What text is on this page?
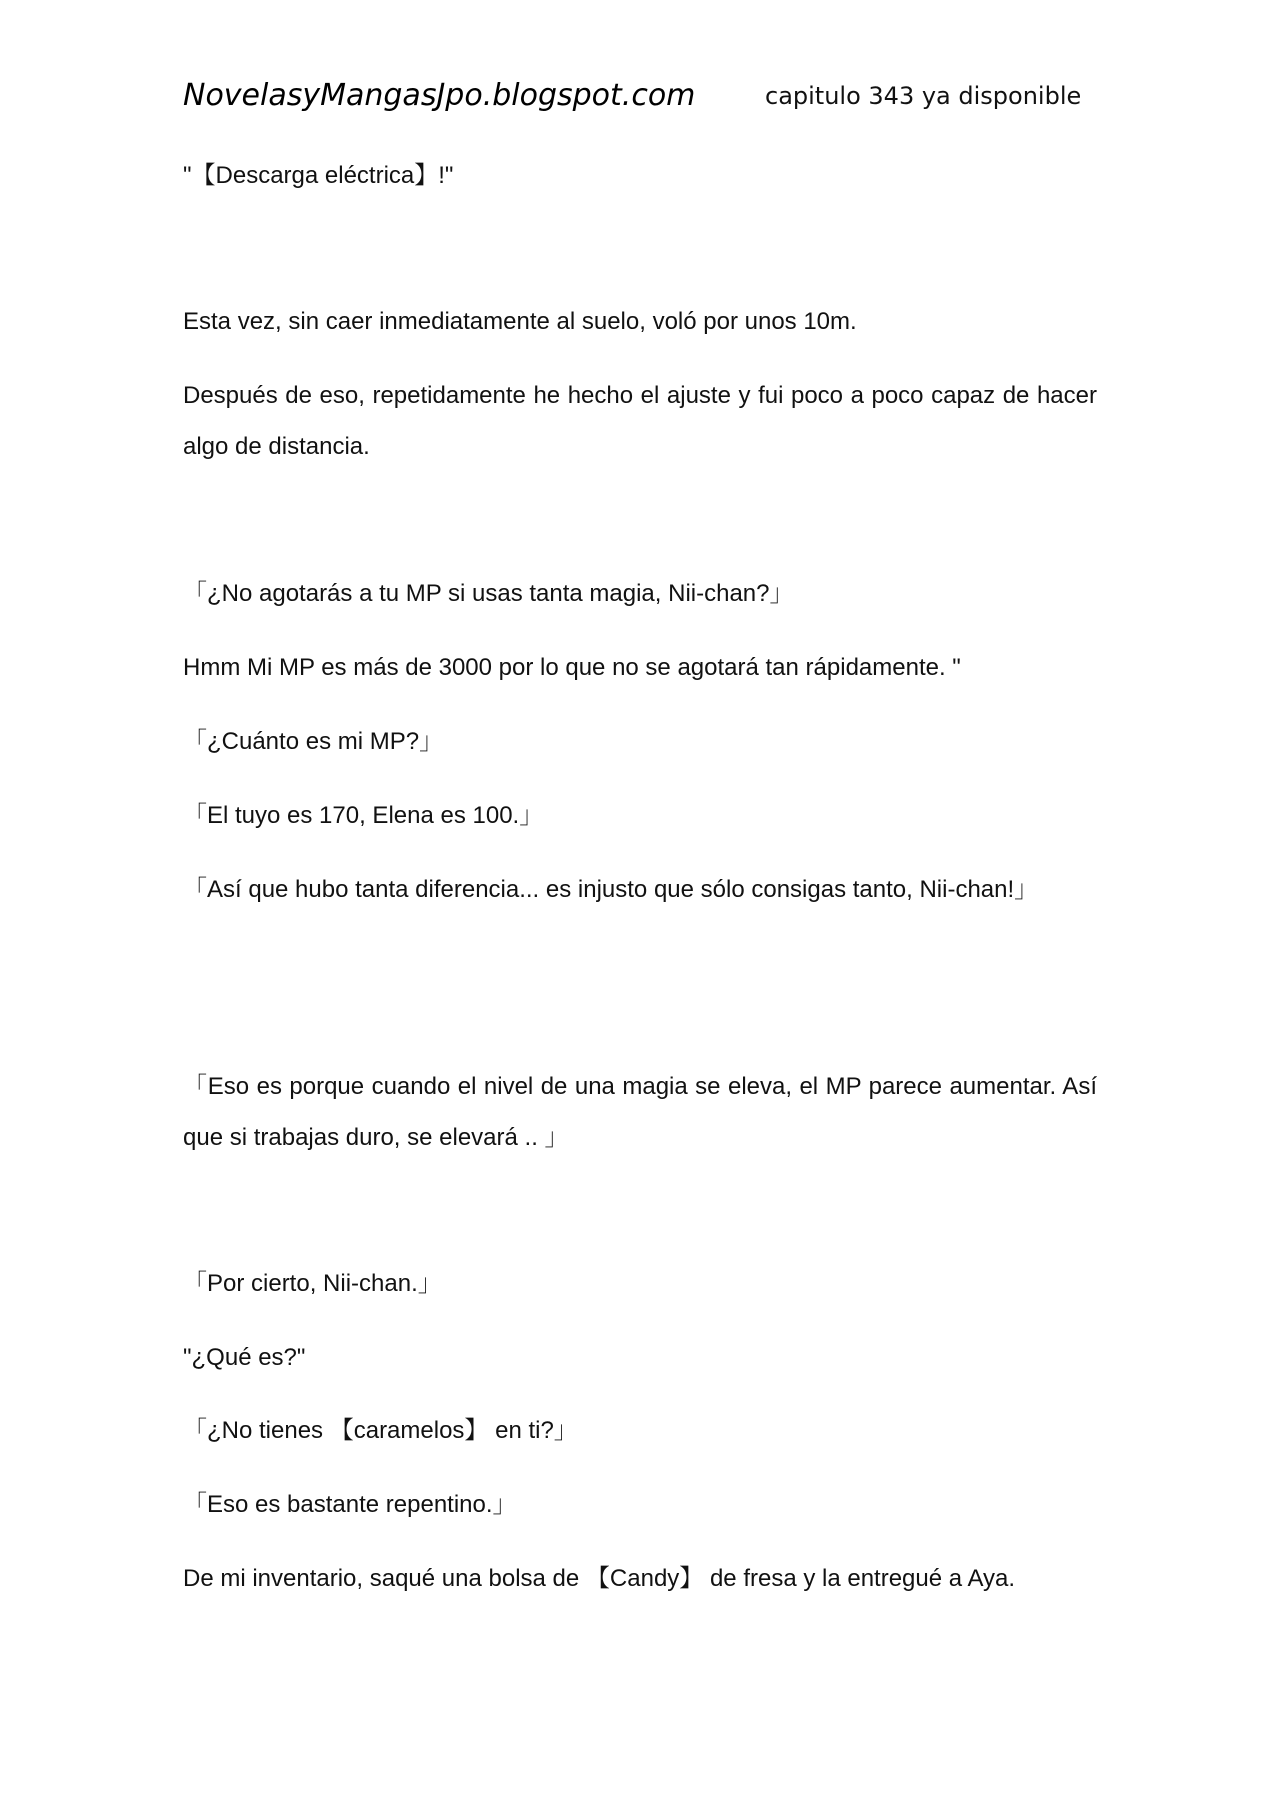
NovelasyMangasJpo.blogspot.com	capitulo 343 ya disponible

"【Descarga eléctrica】!"

Esta vez, sin caer inmediatamente al suelo, voló por unos 10m.

Después de eso, repetidamente he hecho el ajuste y fui poco a poco capaz de hacer algo de distancia.

「¿No agotarás a tu MP si usas tanta magia, Nii-chan?」

Hmm Mi MP es más de 3000 por lo que no se agotará tan rápidamente. "

「¿Cuánto es mi MP?」

「El tuyo es 170, Elena es 100.」

「Así que hubo tanta diferencia... es injusto que sólo consigas tanto, Nii-chan!」

「Eso es porque cuando el nivel de una magia se eleva, el MP parece aumentar. Así que si trabajas duro, se elevará .. 」

「Por cierto, Nii-chan.」

"¿Qué es?"

「¿No tienes 【caramelos】 en ti?」

「Eso es bastante repentino.」

De mi inventario, saqué una bolsa de 【Candy】 de fresa y la entregué a Aya.
